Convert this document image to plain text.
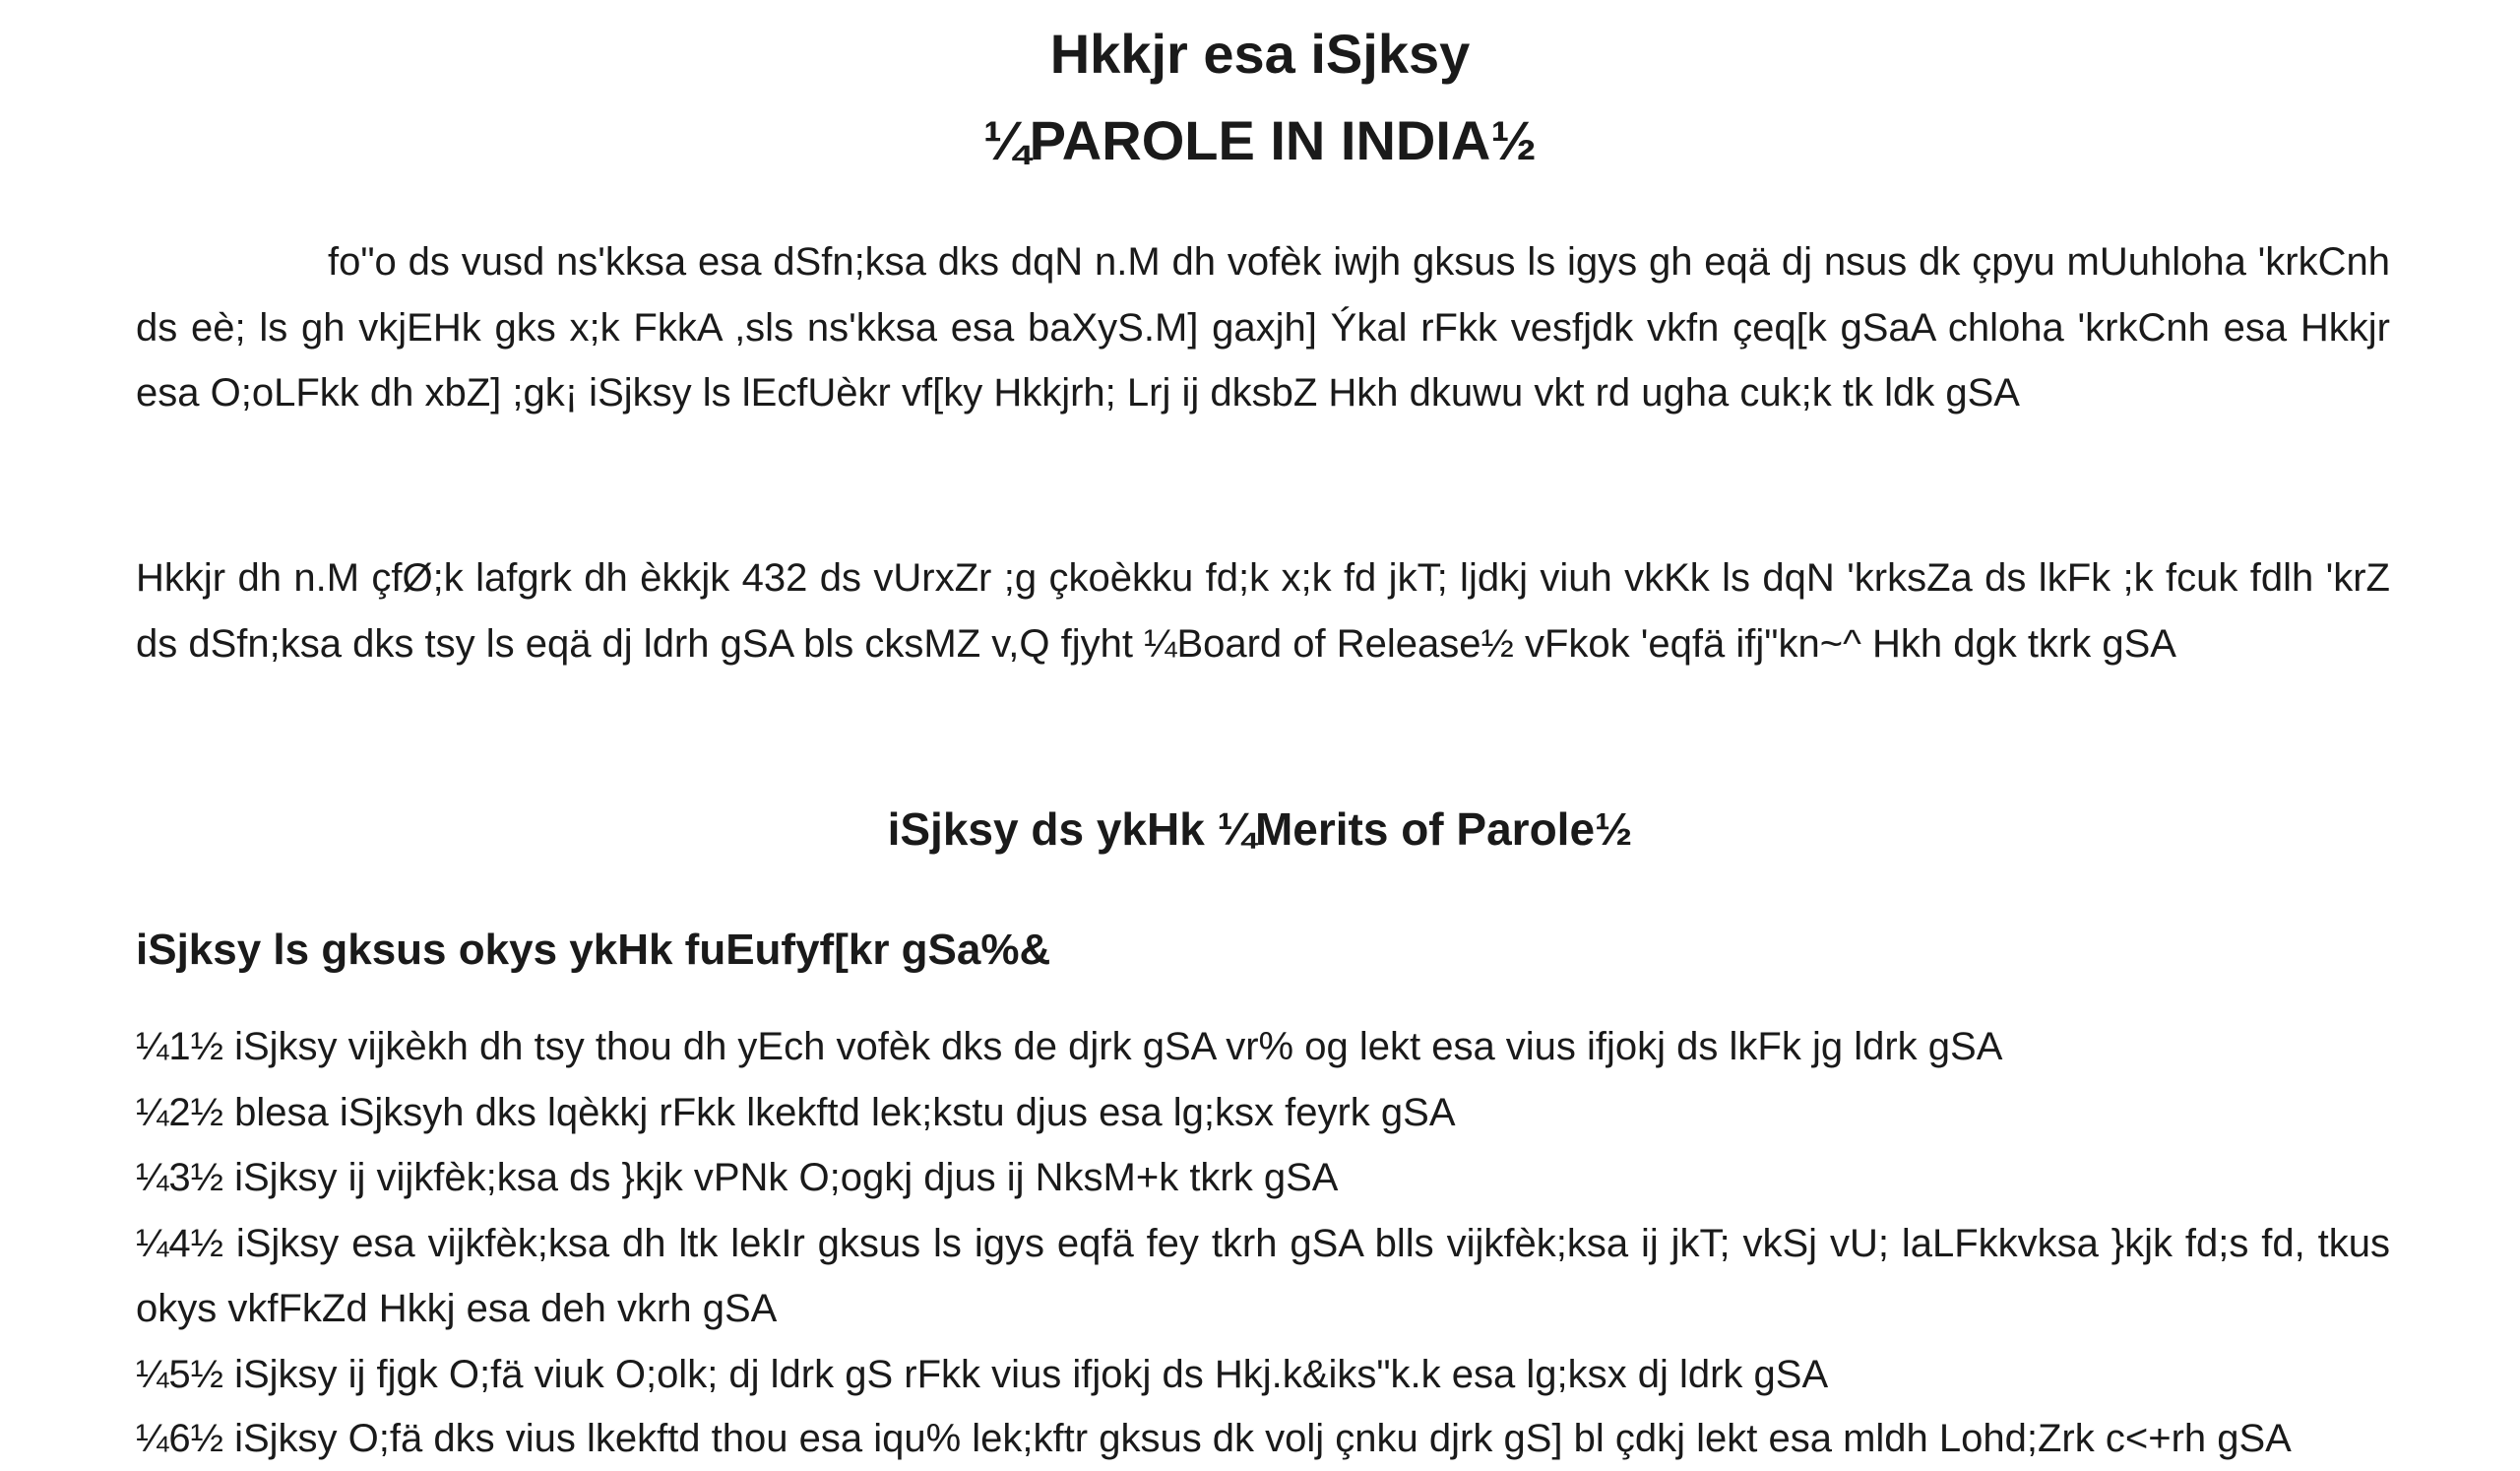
Hkkjr esa iSjksy
¼PAROLE IN INDIA½

fo"o ds vusd ns'kksa esa dSfn;ksa dks dqN n.M dh vofèk iwjh gksus ls igys gh eqä dj nsus dk çpyu mUuhloha 'krkCnh ds eè; ls gh vkjEHk gks x;k FkkA ,sls ns'kksa esa baXyS.M] gaxjh] Ýkal rFkk vesfjdk vkfn çeq[k gSaA chloha 'krkCnh esa Hkkjr esa O;oLFkk dh xbZ] ;gk¡ iSjksy ls lEcfUèkr vf[ky Hkkjrh; Lrj ij dksbZ Hkh dkuwu vkt rd ugha cuk;k tk ldk gSA

Hkkjr dh n.M çfØ;k lafgrk dh èkkjk 432 ds vUrxZr ;g çkoèkku fd;k x;k fd jkT; ljdkj viuh vkKk ls dqN 'krksZa ds lkFk ;k fcuk fdlh 'krZ ds dSfn;ksa dks tsy ls eqä dj ldrh gSA bls cksMZ v,Q fjyht ¼Board of Release½ vFkok 'eqfä ifj"kn~^ Hkh dgk tkrk gSA

iSjksy ds ykHk ¼Merits of Parole½
iSjksy ls gksus okys ykHk fuEufyf[kr gSa%&
¼1½ iSjksy vijkèkh dh tsy thou dh yEch vofèk dks de djrk gSA vr% og lekt esa vius ifjokj ds lkFk jg ldrk gSA
¼2½ blesa iSjksyh dks lqèkkj rFkk lkekftd lek;kstu djus esa lg;ksx feyrk gSA
¼3½ iSjksy ij vijkfèk;ksa ds }kjk vPNk O;ogkj djus ij NksM+k tkrk gSA
¼4½ iSjksy esa vijkfèk;ksa dh ltk lekIr gksus ls igys eqfä fey tkrh gSA blls vijkfèk;ksa ij jkT; vkSj vU; laLFkkvksa }kjk fd;s fd, tkus okys vkfFkZd Hkkj esa deh vkrh gSA
¼5½ iSjksy ij fjgk O;fä viuk O;olk; dj ldrk gS rFkk vius ifjokj ds Hkj.k&iks"k.k esa lg;ksx dj ldrk gSA
¼6½ iSjksy O;fä dks vius lkekftd thou esa iqu% lek;kftr gksus dk volj çnku djrk gS] bl çdkj lekt esa mldh Lohd;Zrk c<+rh gSA
